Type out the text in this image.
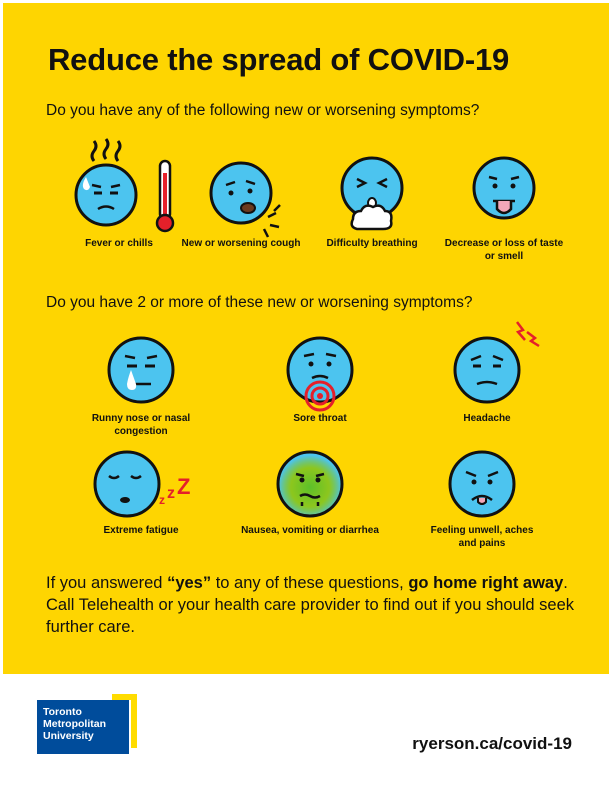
Reduce the spread of COVID-19
Do you have any of the following new or worsening symptoms?
Fever or chills	New or worsening cough	Difficulty breathing	Decrease or loss of taste or smell
Do you have 2 or more of these new or worsening symptoms?
Runny nose or nasal congestion
Sore throat	Headache
z z Z
Extreme fatigue	Nausea, vomiting or diarrhea	Feeling unwell, aches and pains
If you answered “yes” to any of these questions, go home right away. Call Telehealth or your health care provider to find out if you should seek further care.
Toronto
Metropolitan
University	ryerson.ca/covid-19
